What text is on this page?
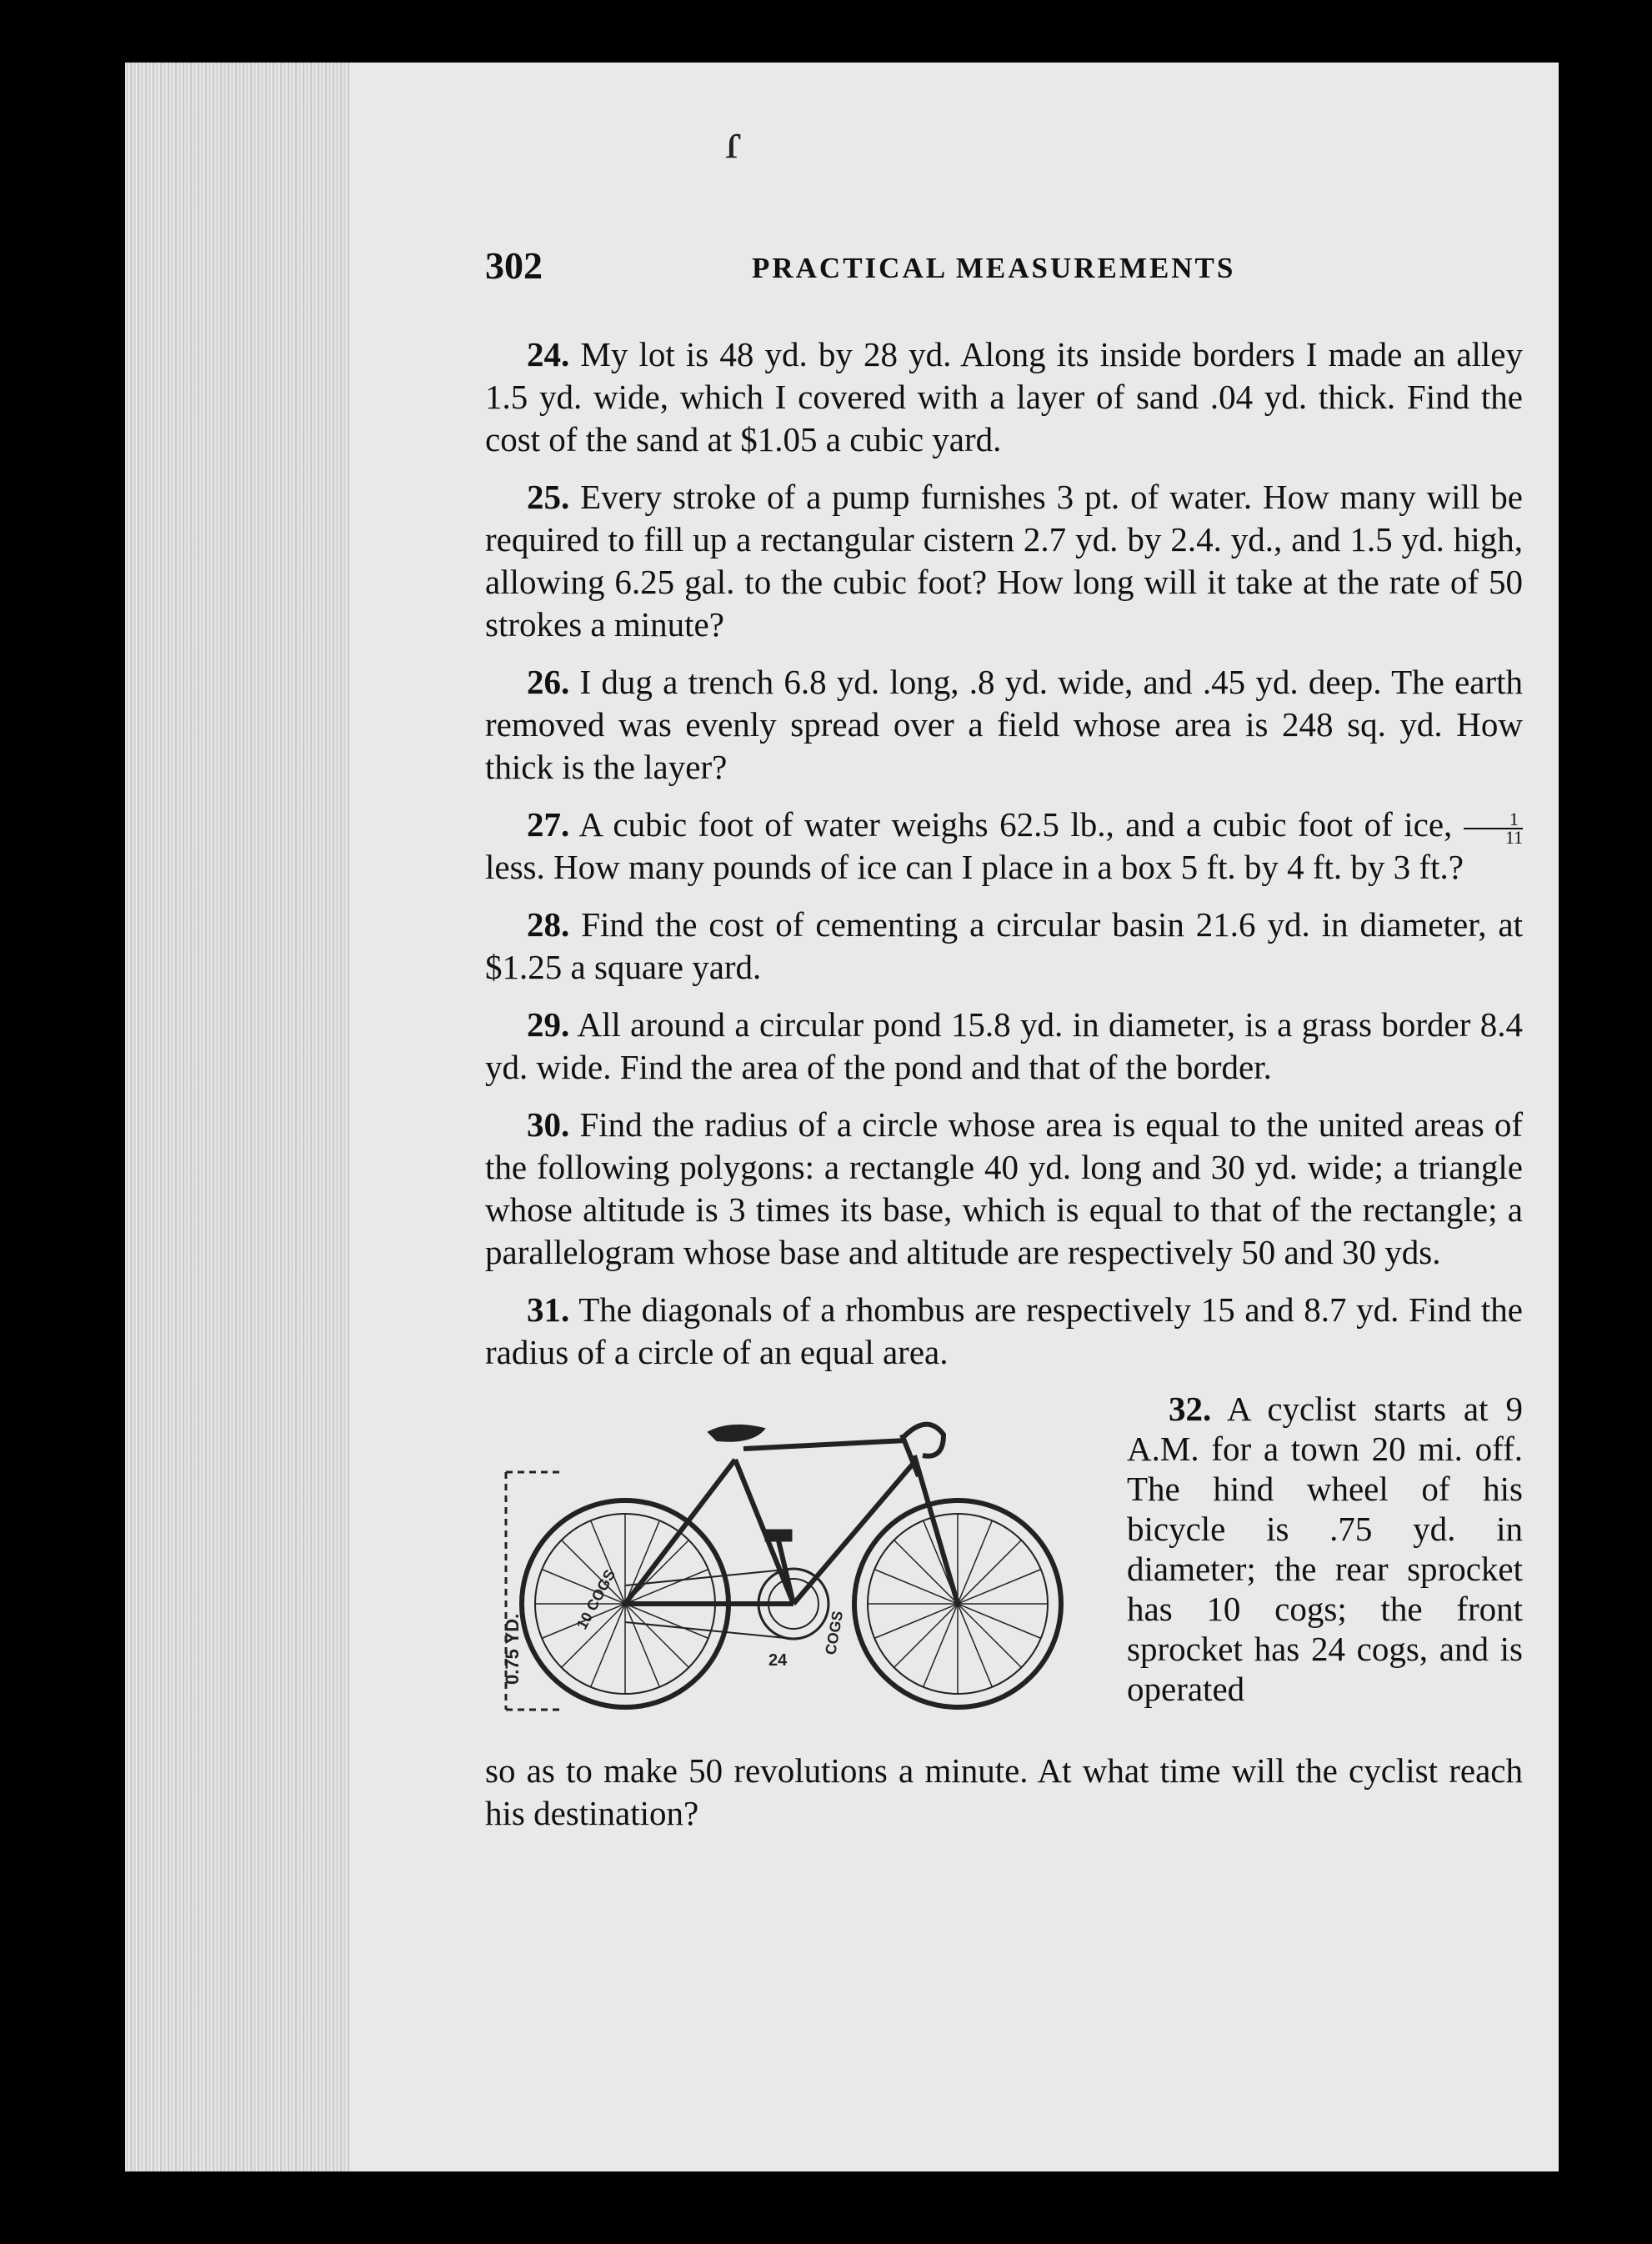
ɾ
302	PRACTICAL MEASUREMENTS

24. My lot is 48 yd. by 28 yd. Along its inside borders I made an alley 1.5 yd. wide, which I covered with a layer of sand .04 yd. thick. Find the cost of the sand at $1.05 a cubic yard.

25. Every stroke of a pump furnishes 3 pt. of water. How many will be required to fill up a rectangular cistern 2.7 yd. by 2.4. yd., and 1.5 yd. high, allowing 6.25 gal. to the cubic foot? How long will it take at the rate of 50 strokes a minute?

26. I dug a trench 6.8 yd. long, .8 yd. wide, and .45 yd. deep. The earth removed was evenly spread over a field whose area is 248 sq. yd. How thick is the layer?

27. A cubic foot of water weighs 62.5 lb., and a cubic foot of ice, $\frac{1}{11}$
less. How many pounds of ice can I place in a box 5 ft. by 4 ft. by 3 ft.?

28. Find the cost of cementing a circular basin 21.6 yd. in diameter, at $1.25 a square yard.

29. All around a circular pond 15.8 yd. in diameter, is a grass border 8.4 yd. wide. Find the area of the pond and that of the border.

30. Find the radius of a circle whose area is equal to the united areas of the following polygons: a rectangle 40 yd. long and 30 yd. wide; a triangle whose altitude is 3 times its base, which is equal to that of the rectangle; a parallelogram whose base and altitude are respectively 50 and 30 yds.

31. The diagonals of a rhombus are respectively 15 and 8.7 yd. Find the radius of a circle of an equal area.

0.75 YD.
10 COGS
COGS
24
32. A cyclist starts at 9 A.M. for a town 20 mi. off. The hind wheel of his bicycle is .75 yd. in diameter; the rear sprocket has 10 cogs; the front sprocket has 24 cogs, and is operated

so as to make 50 revolutions a minute. At what time will the cyclist reach his destination?
